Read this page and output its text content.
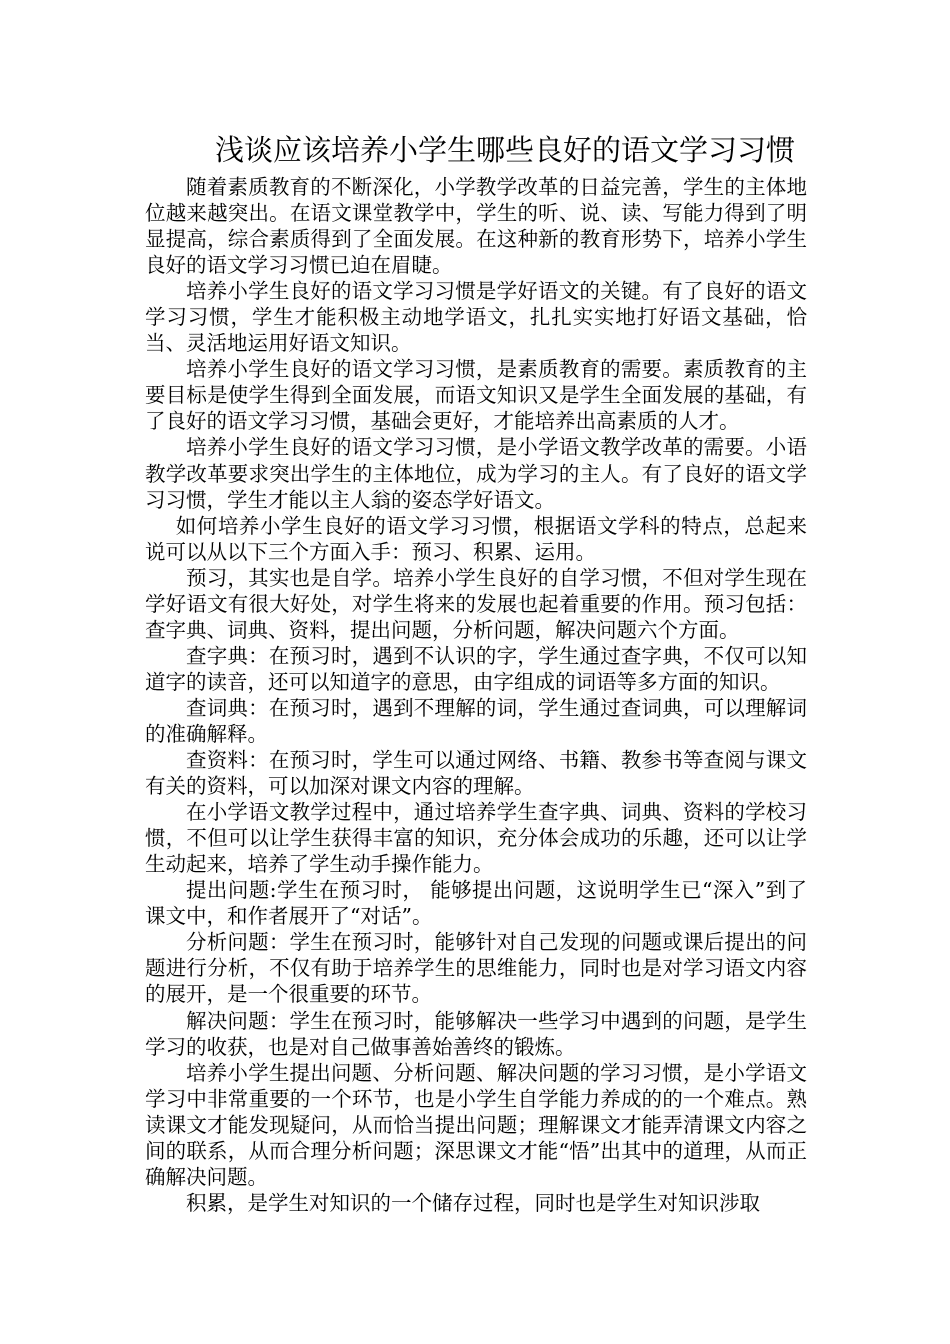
浅谈应该培养小学生哪些良好的语文学习习惯

随着素质教育的不断深化，小学教学改革的日益完善，学生的主体地位越来越突出。在语文课堂教学中，学生的听、说、读、写能力得到了明显提高，综合素质得到了全面发展。在这种新的教育形势下，培养小学生良好的语文学习习惯已迫在眉睫。

培养小学生良好的语文学习习惯是学好语文的关键。有了良好的语文学习习惯，学生才能积极主动地学语文，扎扎实实地打好语文基础，恰当、灵活地运用好语文知识。

培养小学生良好的语文学习习惯，是素质教育的需要。素质教育的主要目标是使学生得到全面发展，而语文知识又是学生全面发展的基础，有了良好的语文学习习惯，基础会更好，才能培养出高素质的人才。

培养小学生良好的语文学习习惯，是小学语文教学改革的需要。小语教学改革要求突出学生的主体地位，成为学习的主人。有了良好的语文学习习惯，学生才能以主人翁的姿态学好语文。

如何培养小学生良好的语文学习习惯，根据语文学科的特点，总起来说可以从以下三个方面入手：预习、积累、运用。

预习，其实也是自学。培养小学生良好的自学习惯，不但对学生现在学好语文有很大好处，对学生将来的发展也起着重要的作用。预习包括：查字典、词典、资料，提出问题，分析问题，解决问题六个方面。

查字典：在预习时，遇到不认识的字，学生通过查字典，不仅可以知道字的读音，还可以知道字的意思，由字组成的词语等多方面的知识。

查词典：在预习时，遇到不理解的词，学生通过查词典，可以理解词的准确解释。

查资料：在预习时，学生可以通过网络、书籍、教参书等查阅与课文有关的资料，可以加深对课文内容的理解。

在小学语文教学过程中，通过培养学生查字典、词典、资料的学校习惯，不但可以让学生获得丰富的知识，充分体会成功的乐趣，还可以让学生动起来，培养了学生动手操作能力。

提出问题:学生在预习时， 能够提出问题，这说明学生已“深入”到了课文中，和作者展开了“对话”。

分析问题：学生在预习时，能够针对自己发现的问题或课后提出的问题进行分析，不仅有助于培养学生的思维能力，同时也是对学习语文内容的展开，是一个很重要的环节。

解决问题：学生在预习时，能够解决一些学习中遇到的问题，是学生学习的收获，也是对自己做事善始善终的锻炼。

培养小学生提出问题、分析问题、解决问题的学习习惯，是小学语文学习中非常重要的一个环节，也是小学生自学能力养成的的一个难点。熟读课文才能发现疑问，从而恰当提出问题；理解课文才能弄清课文内容之间的联系，从而合理分析问题；深思课文才能“悟”出其中的道理，从而正确解决问题。

积累，是学生对知识的一个储存过程，同时也是学生对知识涉取
